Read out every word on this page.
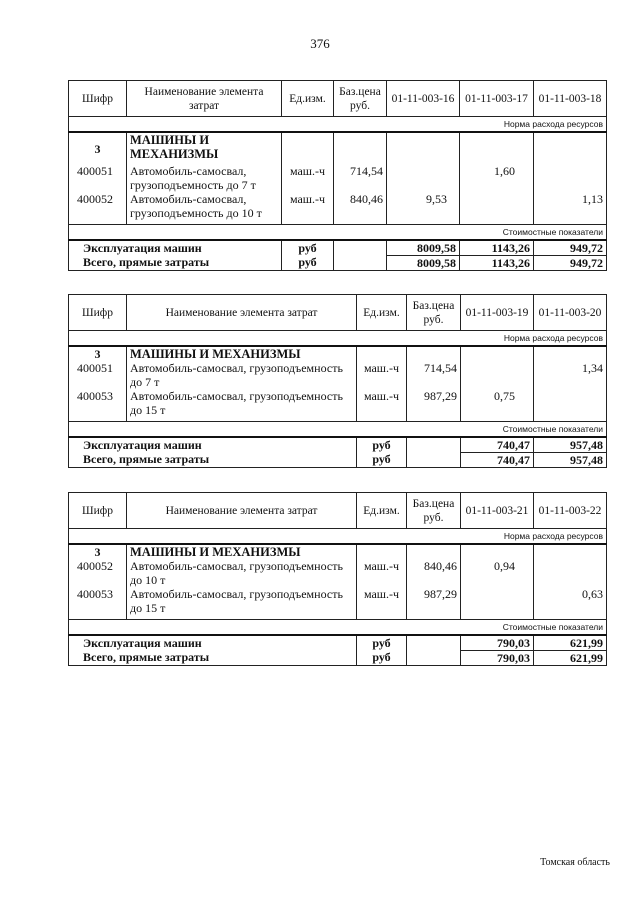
376
Шифр	Наименование элемента затрат	Ед.изм.	Баз.цена руб.	01-11-003-16	01-11-003-17	01-11-003-18
Норма расхода ресурсов						
3	МАШИНЫ И МЕХАНИЗМЫ					
400051	Автомобиль-самосвал, грузоподъемность до 7 т	маш.-ч	714,54		1,60	
400052	Автомобиль-самосвал, грузоподъемность до 10 т	маш.-ч	840,46	9,53		1,13
Стоимостные показатели						
Эксплуатация машин		руб		8009,58	1143,26	949,72
Всего, прямые затраты		руб		8009,58	1143,26	949,72
Шифр	Наименование элемента затрат	Ед.изм.	Баз.цена руб.	01-11-003-19	01-11-003-20
Норма расхода ресурсов					
3	МАШИНЫ И МЕХАНИЗМЫ				
400051	Автомобиль-самосвал, грузоподъемность до 7 т	маш.-ч	714,54		1,34
400053	Автомобиль-самосвал, грузоподъемность до 15 т	маш.-ч	987,29	0,75	
Стоимостные показатели					
Эксплуатация машин		руб		740,47	957,48
Всего, прямые затраты		руб		740,47	957,48
Шифр	Наименование элемента затрат	Ед.изм.	Баз.цена руб.	01-11-003-21	01-11-003-22
Норма расхода ресурсов					
3	МАШИНЫ И МЕХАНИЗМЫ				
400052	Автомобиль-самосвал, грузоподъемность до 10 т	маш.-ч	840,46	0,94	
400053	Автомобиль-самосвал, грузоподъемность до 15 т	маш.-ч	987,29		0,63
Стоимостные показатели					
Эксплуатация машин		руб		790,03	621,99
Всего, прямые затраты		руб		790,03	621,99
Томская область
